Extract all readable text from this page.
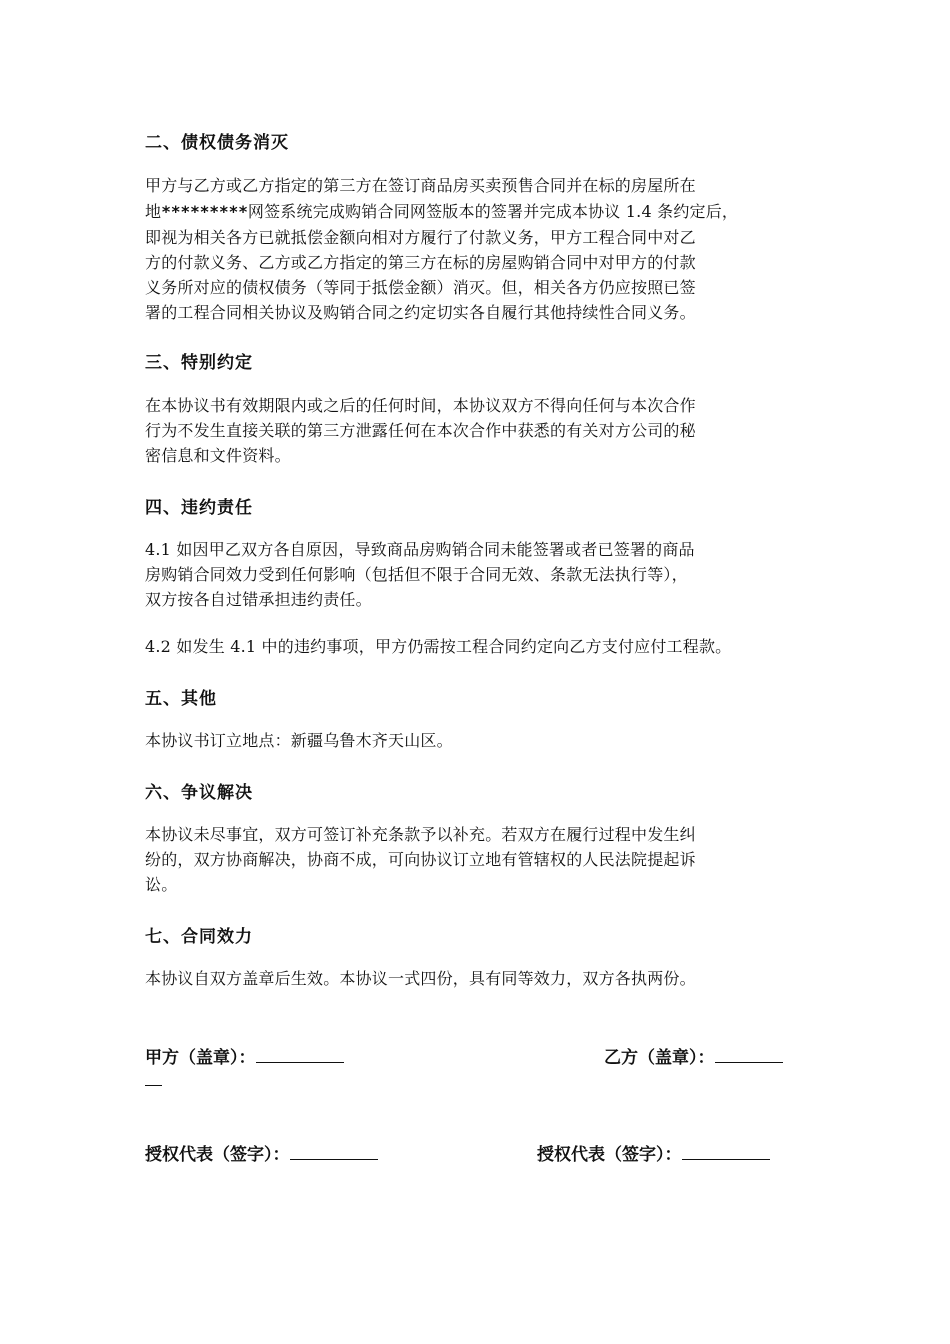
二、债权债务消灭
甲方与乙方或乙方指定的第三方在签订商品房买卖预售合同并在标的房屋所在
地*********网签系统完成购销合同网签版本的签署并完成本协议 1.4 条约定后，
即视为相关各方已就抵偿金额向相对方履行了付款义务，甲方工程合同中对乙
方的付款义务、乙方或乙方指定的第三方在标的房屋购销合同中对甲方的付款
义务所对应的债权债务（等同于抵偿金额）消灭。但，相关各方仍应按照已签
署的工程合同相关协议及购销合同之约定切实各自履行其他持续性合同义务。
三、特别约定
在本协议书有效期限内或之后的任何时间，本协议双方不得向任何与本次合作
行为不发生直接关联的第三方泄露任何在本次合作中获悉的有关对方公司的秘
密信息和文件资料。
四、违约责任
4.1 如因甲乙双方各自原因，导致商品房购销合同未能签署或者已签署的商品
房购销合同效力受到任何影响（包括但不限于合同无效、条款无法执行等），
双方按各自过错承担违约责任。
4.2 如发生 4.1 中的违约事项，甲方仍需按工程合同约定向乙方支付应付工程款。
五、其他
本协议书订立地点：新疆乌鲁木齐天山区。
六、争议解决
本协议未尽事宜，双方可签订补充条款予以补充。若双方在履行过程中发生纠
纷的，双方协商解决，协商不成，可向协议订立地有管辖权的人民法院提起诉
讼。
七、合同效力
本协议自双方盖章后生效。本协议一式四份，具有同等效力，双方各执两份。
甲方（盖章）：	乙方（盖章）：
授权代表（签字）：	授权代表（签字）：
